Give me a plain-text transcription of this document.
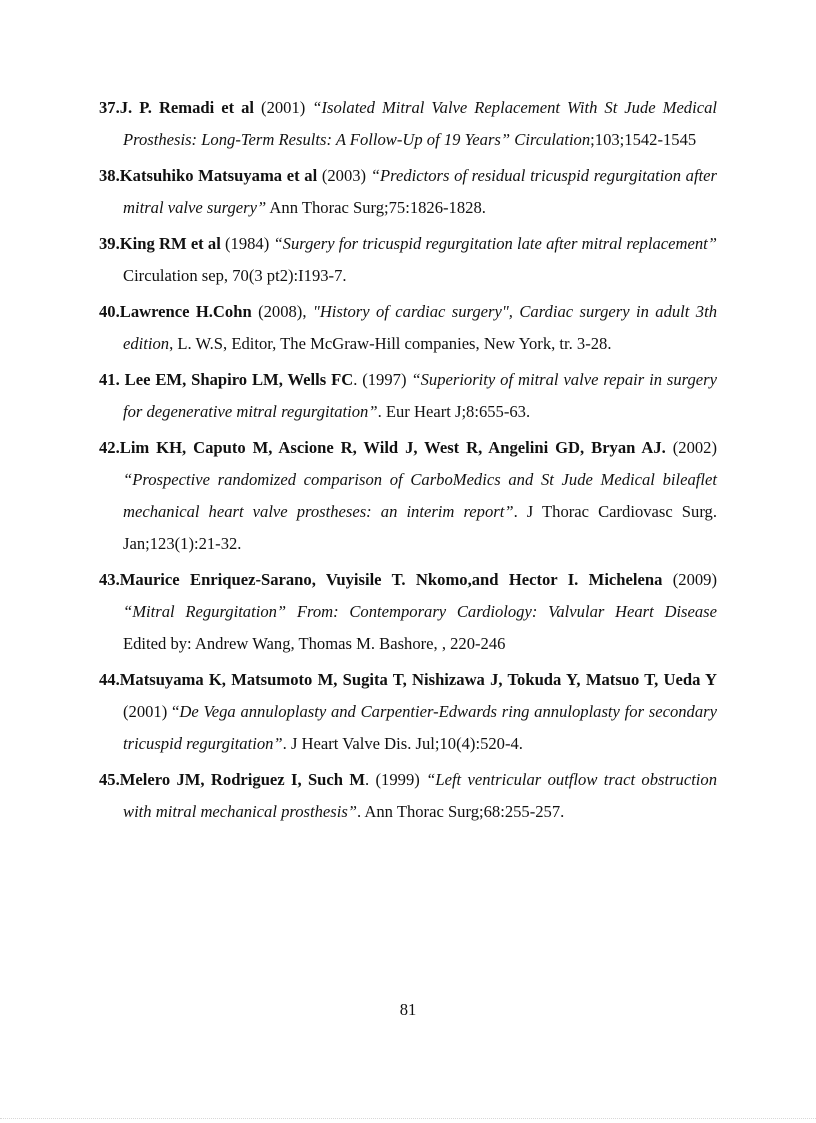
37.J. P. Remadi et al (2001) “Isolated Mitral Valve Replacement With St Jude Medical Prosthesis: Long-Term Results: A Follow-Up of 19 Years” Circulation;103;1542-1545

38.Katsuhiko Matsuyama et al (2003) “Predictors of residual tricuspid regurgitation after mitral valve surgery” Ann Thorac Surg;75:1826-1828.

39.King RM et al (1984) “Surgery for tricuspid regurgitation late after mitral replacement” Circulation sep, 70(3 pt2):I193-7.

40.Lawrence H.Cohn (2008), "History of cardiac surgery", Cardiac surgery in adult 3th edition, L. W.S, Editor, The McGraw-Hill companies, New York, tr. 3-28.

41. Lee EM, Shapiro LM, Wells FC. (1997) “Superiority of mitral valve repair in surgery for degenerative mitral regurgitation”. Eur Heart J;8:655-63.

42.Lim KH, Caputo M, Ascione R, Wild J, West R, Angelini GD, Bryan AJ. (2002) “Prospective randomized comparison of CarboMedics and St Jude Medical bileaflet mechanical heart valve prostheses: an interim report”. J Thorac Cardiovasc Surg. Jan;123(1):21-32.

43.Maurice Enriquez-Sarano, Vuyisile T. Nkomo,and Hector I. Michelena (2009) “Mitral Regurgitation” From: Contemporary Cardiology: Valvular Heart Disease Edited by: Andrew Wang, Thomas M. Bashore, , 220-246

44.Matsuyama K, Matsumoto M, Sugita T, Nishizawa J, Tokuda Y, Matsuo T, Ueda Y (2001) “De Vega annuloplasty and Carpentier-Edwards ring annuloplasty for secondary tricuspid regurgitation”. J Heart Valve Dis. Jul;10(4):520-4.

45.Melero JM, Rodriguez I, Such M. (1999) “Left ventricular outflow tract obstruction with mitral mechanical prosthesis”. Ann Thorac Surg;68:255-257.

81
